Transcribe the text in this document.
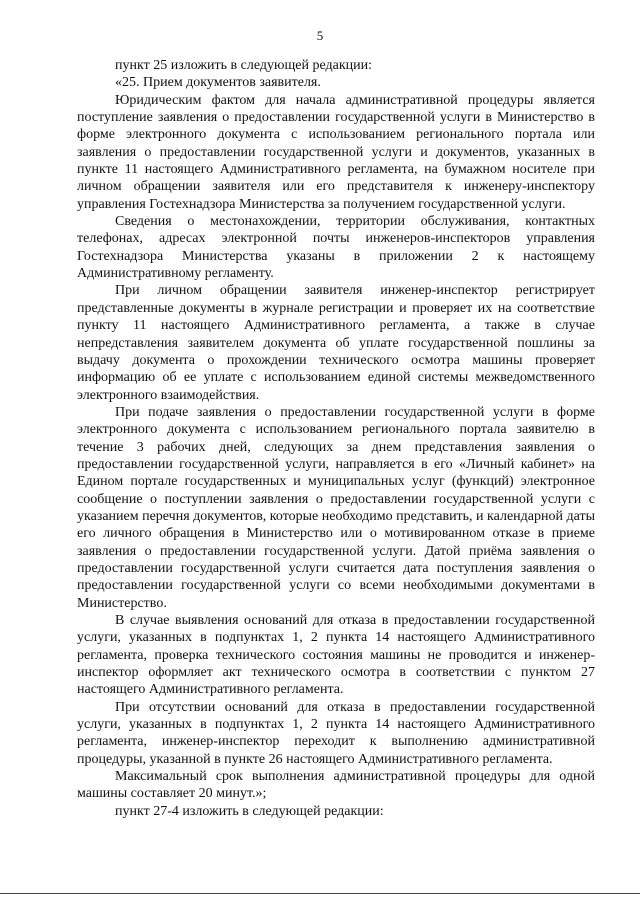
5

пункт 25 изложить в следующей редакции:

«25. Прием документов заявителя.

Юридическим фактом для начала административной процедуры является поступление заявления о предоставлении государственной услуги в Министерство в форме электронного документа с использованием регионального портала или заявления о предоставлении государственной услуги и документов, указанных в пункте 11 настоящего Административного регламента, на бумажном носителе при личном обращении заявителя или его представителя к инженеру-инспектору управления Гостехнадзора Министерства за получением государственной услуги.

Сведения о местонахождении, территории обслуживания, контактных телефонах, адресах электронной почты инженеров-инспекторов управления Гостехнадзора Министерства указаны в приложении 2 к настоящему Административному регламенту.

При личном обращении заявителя инженер-инспектор регистрирует представленные документы в журнале регистрации и проверяет их на соответствие пункту 11 настоящего Административного регламента, а также в случае непредставления заявителем документа об уплате государственной пошлины за выдачу документа о прохождении технического осмотра машины проверяет информацию об ее уплате с использованием единой системы межведомственного электронного взаимодействия.

При подаче заявления о предоставлении государственной услуги в форме электронного документа с использованием регионального портала заявителю в течение 3 рабочих дней, следующих за днем представления заявления о предоставлении государственной услуги, направляется в его «Личный кабинет» на Едином портале государственных и муниципальных услуг (функций) электронное сообщение о поступлении заявления о предоставлении государственной услуги с указанием перечня документов, которые необходимо представить, и календарной даты его личного обращения в Министерство или о мотивированном отказе в приеме заявления о предоставлении государственной услуги. Датой приёма заявления о предоставлении государственной услуги считается дата поступления заявления о предоставлении государственной услуги со всеми необходимыми документами в Министерство.

В случае выявления оснований для отказа в предоставлении государственной услуги, указанных в подпунктах 1, 2 пункта 14 настоящего Административного регламента, проверка технического состояния машины не проводится и инженер-инспектор оформляет акт технического осмотра в соответствии с пунктом 27 настоящего Административного регламента.

При отсутствии оснований для отказа в предоставлении государственной услуги, указанных в подпунктах 1, 2 пункта 14 настоящего Административного регламента, инженер-инспектор переходит к выполнению административной процедуры, указанной в пункте 26 настоящего Административного регламента.

Максимальный срок выполнения административной процедуры для одной машины составляет 20 минут.»;

пункт 27-4 изложить в следующей редакции:
